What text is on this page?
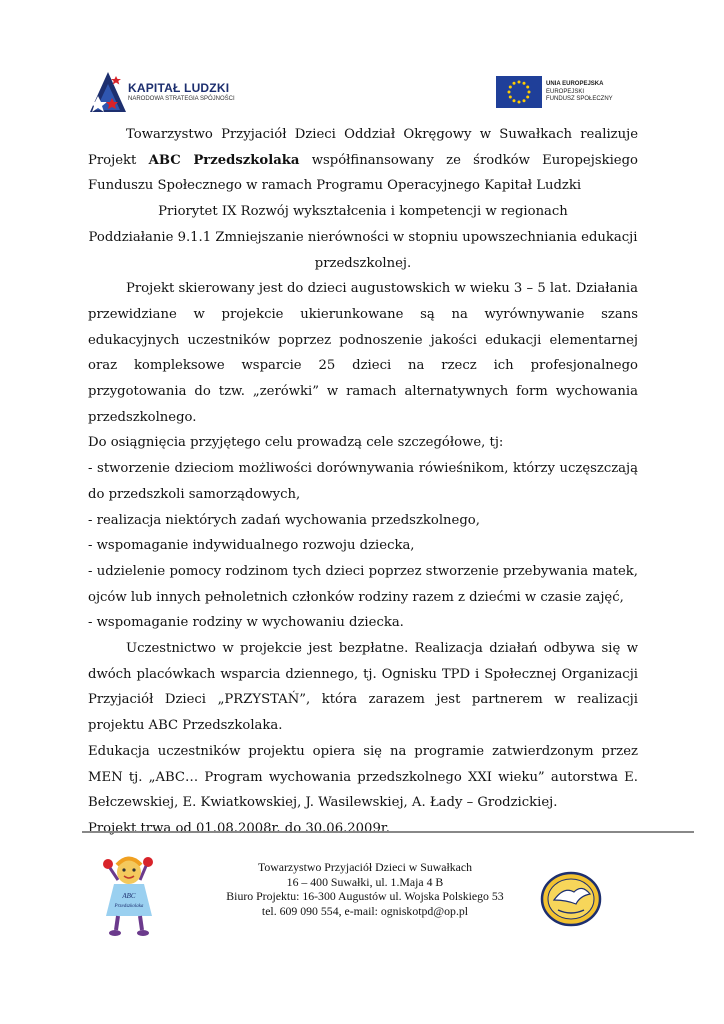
KAPITAŁ LUDZKI
NARODOWA STRATEGIA SPÓJNOŚCI
UNIA EUROPEJSKA
EUROPEJSKI
FUNDUSZ SPOŁECZNY

Towarzystwo Przyjaciół Dzieci Oddział Okręgowy w Suwałkach realizuje Projekt ABC Przedszkolaka współfinansowany ze środków Europejskiego Funduszu Społecznego w ramach Programu Operacyjnego Kapitał Ludzki

Priorytet IX Rozwój wykształcenia i kompetencji w regionach

Poddziałanie 9.1.1 Zmniejszanie nierówności w stopniu upowszechniania edukacji przedszkolnej.

Projekt skierowany jest do dzieci augustowskich w wieku 3 – 5 lat. Działania przewidziane w projekcie ukierunkowane są na wyrównywanie szans edukacyjnych uczestników poprzez podnoszenie jakości edukacji elementarnej oraz kompleksowe wsparcie 25 dzieci na rzecz ich profesjonalnego przygotowania do tzw. „zerówki” w ramach alternatywnych form wychowania przedszkolnego.

Do osiągnięcia przyjętego celu prowadzą cele szczegółowe, tj:

- stworzenie dzieciom możliwości dorównywania rówieśnikom, którzy uczęszczają do przedszkoli samorządowych,

- realizacja niektórych zadań wychowania przedszkolnego,

- wspomaganie indywidualnego rozwoju dziecka,

- udzielenie pomocy rodzinom tych dzieci poprzez stworzenie przebywania matek, ojców lub innych pełnoletnich członków rodziny razem z dziećmi w czasie zajęć,

- wspomaganie rodziny w wychowaniu dziecka.

Uczestnictwo w projekcie jest bezpłatne. Realizacja działań odbywa się w dwóch placówkach wsparcia dziennego, tj. Ognisku TPD i Społecznej Organizacji Przyjaciół Dzieci „PRZYSTAŃ”, która zarazem jest partnerem w realizacji projektu ABC Przedszkolaka.

Edukacja uczestników projektu opiera się na programie zatwierdzonym przez MEN tj. „ABC… Program wychowania przedszkolnego XXI wieku” autorstwa E. Bełczewskiej, E. Kwiatkowskiej, J. Wasilewskiej, A. Łady – Grodzickiej.

Projekt trwa od 01.08.2008r. do 30.06.2009r.

ABC
Przedszkolaka
Towarzystwo Przyjaciół Dzieci w Suwałkach
16 – 400 Suwałki, ul. 1.Maja 4 B
Biuro Projektu: 16-300 Augustów ul. Wojska Polskiego 53
tel. 609 090 554, e-mail: ogniskotpd@op.pl
